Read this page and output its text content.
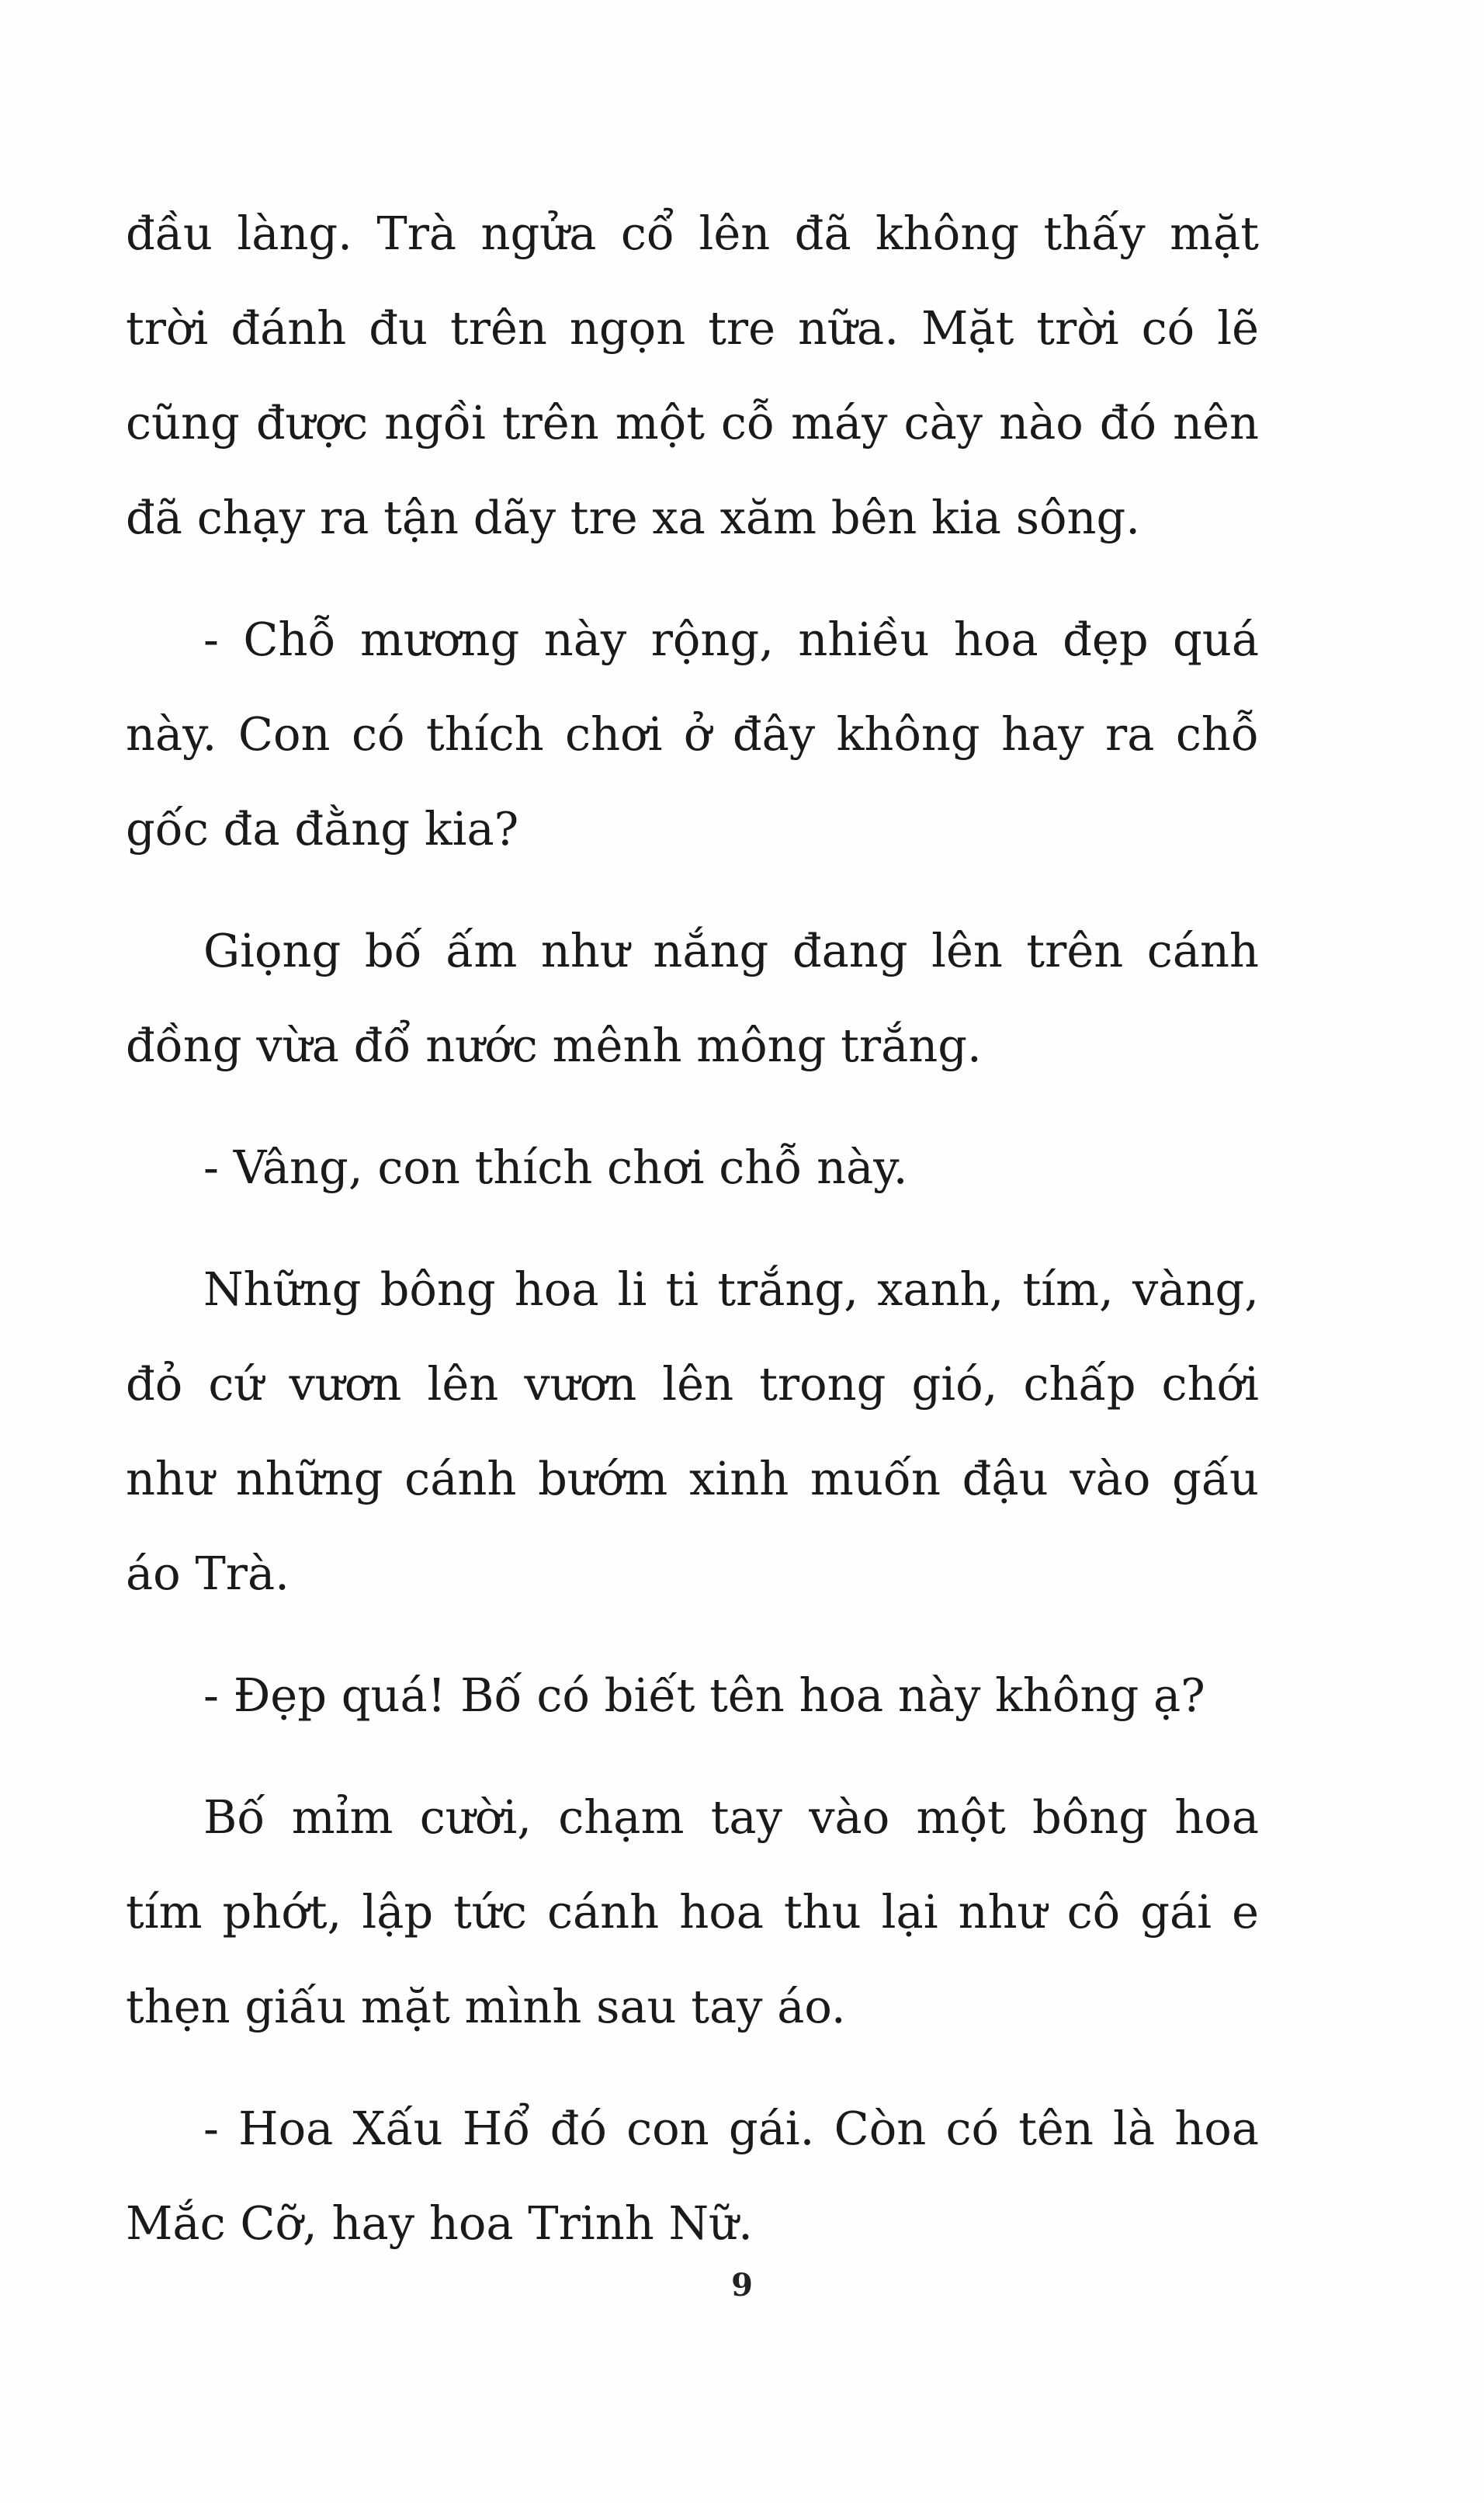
đầu làng. Trà ngửa cổ lên đã không thấy mặt
trời đánh đu trên ngọn tre nữa. Mặt trời có lẽ
cũng được ngồi trên một cỗ máy cày nào đó nên
đã chạy ra tận dãy tre xa xăm bên kia sông.
- Chỗ mương này rộng, nhiều hoa đẹp quá
này. Con có thích chơi ở đây không hay ra chỗ
gốc đa đằng kia?
Giọng bố ấm như nắng đang lên trên cánh
đồng vừa đổ nước mênh mông trắng.
- Vâng, con thích chơi chỗ này.
Những bông hoa li ti trắng, xanh, tím, vàng,
đỏ cứ vươn lên vươn lên trong gió, chấp chới
như những cánh bướm xinh muốn đậu vào gấu
áo Trà.
- Đẹp quá! Bố có biết tên hoa này không ạ?
Bố mỉm cười, chạm tay vào một bông hoa
tím phớt, lập tức cánh hoa thu lại như cô gái e
thẹn giấu mặt mình sau tay áo.
- Hoa Xấu Hổ đó con gái. Còn có tên là hoa
Mắc Cỡ, hay hoa Trinh Nữ.
9
